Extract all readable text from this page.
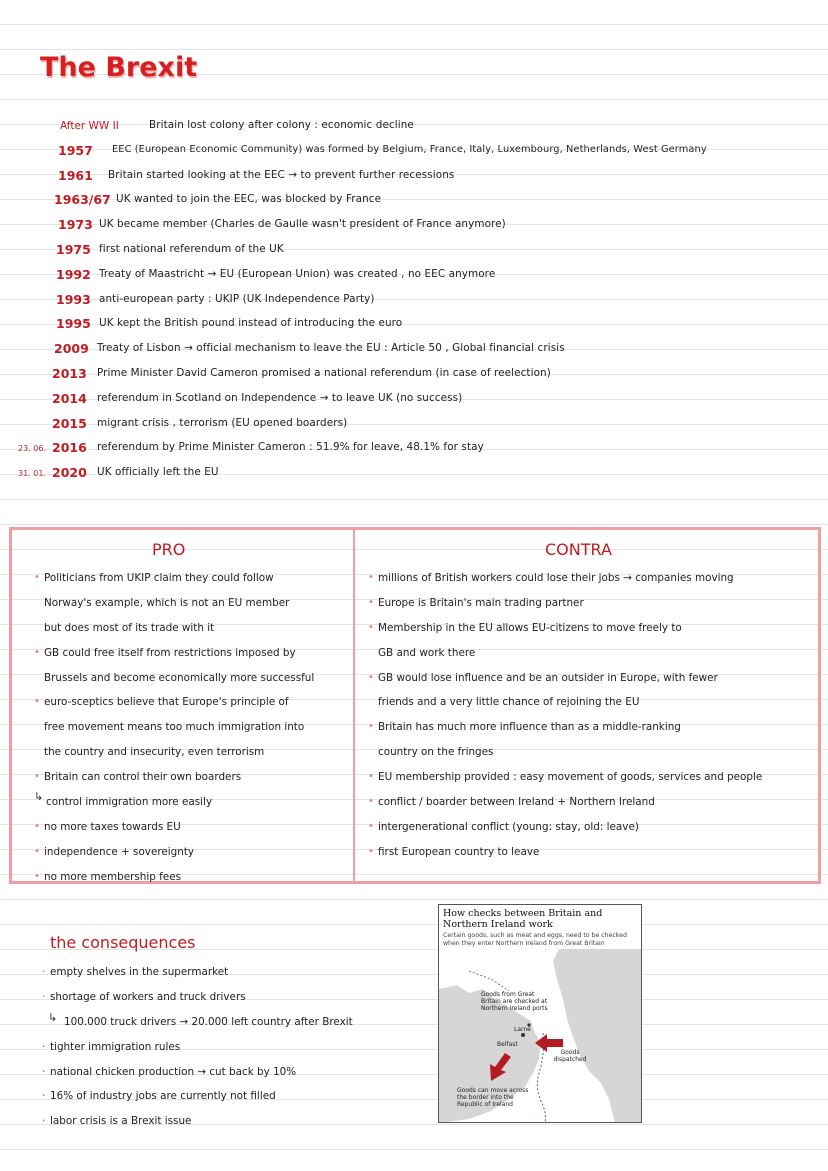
The Brexit
After WW II	Britain lost colony after colony : economic decline
1957 EEC (European Economic Community) was formed by Belgium, France, Italy, Luxembourg, Netherlands, West Germany
1961 Britain started looking at the EEC → to prevent further recessions
1963/67 UK wanted to join the EEC, was blocked by France
1973 UK became member (Charles de Gaulle wasn't president of France anymore)
1975 first national referendum of the UK
1992 Treaty of Maastricht → EU (European Union) was created , no EEC anymore
1993 anti-european party : UKIP (UK Independence Party)
1995 UK kept the British pound instead of introducing the euro
2009 Treaty of Lisbon → official mechanism to leave the EU : Article 50 , Global financial crisis
2013 Prime Minister David Cameron promised a national referendum (in case of reelection)
2014 referendum in Scotland on Independence → to leave UK (no success)
2015 migrant crisis , terrorism (EU opened boarders)
23. 06. 2016 referendum by Prime Minister Cameron : 51.9% for leave, 48.1% for stay
31. 01. 2020 UK officially left the EU
PRO
• Politicians from UKIP claim they could follow
Norway's example, which is not an EU member
but does most of its trade with it
• GB could free itself from restrictions imposed by
Brussels and become economically more successful
• euro-sceptics believe that Europe's principle of
free movement means too much immigration into
the country and insecurity, even terrorism
• Britain can control their own boarders
↳ control immigration more easily
• no more taxes towards EU
• independence + sovereignty
• no more membership fees
CONTRA
• millions of British workers could lose their jobs → companies moving
• Europe is Britain's main trading partner
• Membership in the EU allows EU-citizens to move freely to
GB and work there
• GB would lose influence and be an outsider in Europe, with fewer
friends and a very little chance of rejoining the EU
• Britain has much more influence than as a middle-ranking
country on the fringes
• EU membership provided : easy movement of goods, services and people
• conflict / boarder between Ireland + Northern Ireland
• intergenerational conflict (young: stay, old: leave)
• first European country to leave
the consequences
· empty shelves in the supermarket
· shortage of workers and truck drivers
↳ 100.000 truck drivers → 20.000 left country after Brexit
· tighter immigration rules
· national chicken production → cut back by 10%
· 16% of industry jobs are currently not filled
· labor crisis is a Brexit issue

How checks between Britain and Northern Ireland work

Certain goods, such as meat and eggs, need to be checked when they enter Northern Ireland from Great Britain

Goods from Great Britain are checked at Northern Ireland ports
Larne
Belfast
Goods dispatched
Goods can move across the border into the Republic of Ireland
